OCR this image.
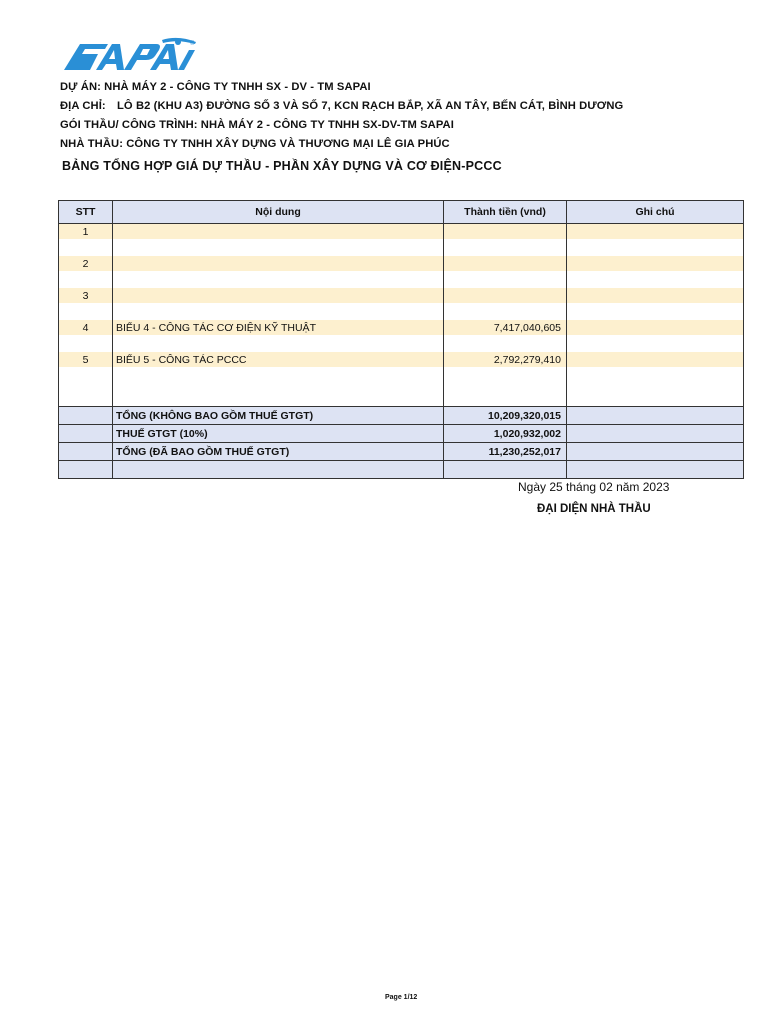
®
DỰ ÁN: NHÀ MÁY 2 - CÔNG TY TNHH SX - DV - TM SAPAI
ĐỊA CHỈ: LÔ B2 (KHU A3) ĐƯỜNG SỐ 3 VÀ SỐ 7, KCN RẠCH BẮP, XÃ AN TÂY, BẾN CÁT, BÌNH DƯƠNG
GÓI THẦU/ CÔNG TRÌNH: NHÀ MÁY 2 - CÔNG TY TNHH SX-DV-TM SAPAI
NHÀ THẦU: CÔNG TY TNHH XÂY DỰNG VÀ THƯƠNG MẠI LÊ GIA PHÚC
BẢNG TỔNG HỢP GIÁ DỰ THẦU - PHẦN XÂY DỰNG VÀ CƠ ĐIỆN-PCCC
STT	Nội dung	Thành tiền (vnd)	Ghi chú

1			

2			

3			

4	BIỂU 4 - CÔNG TÁC CƠ ĐIỆN KỸ THUẬT	7,417,040,605	

5	BIỂU 5 - CÔNG TÁC PCCC	2,792,279,410	

	TỔNG (KHÔNG BAO GỒM THUẾ GTGT)	10,209,320,015	
	THUẾ GTGT (10%)	1,020,932,002	
	TỔNG (ĐÃ BAO GỒM THUẾ GTGT)	11,230,252,017	

Ngày 25 tháng 02 năm 2023
ĐẠI DIỆN NHÀ THẦU
Page 1/12
